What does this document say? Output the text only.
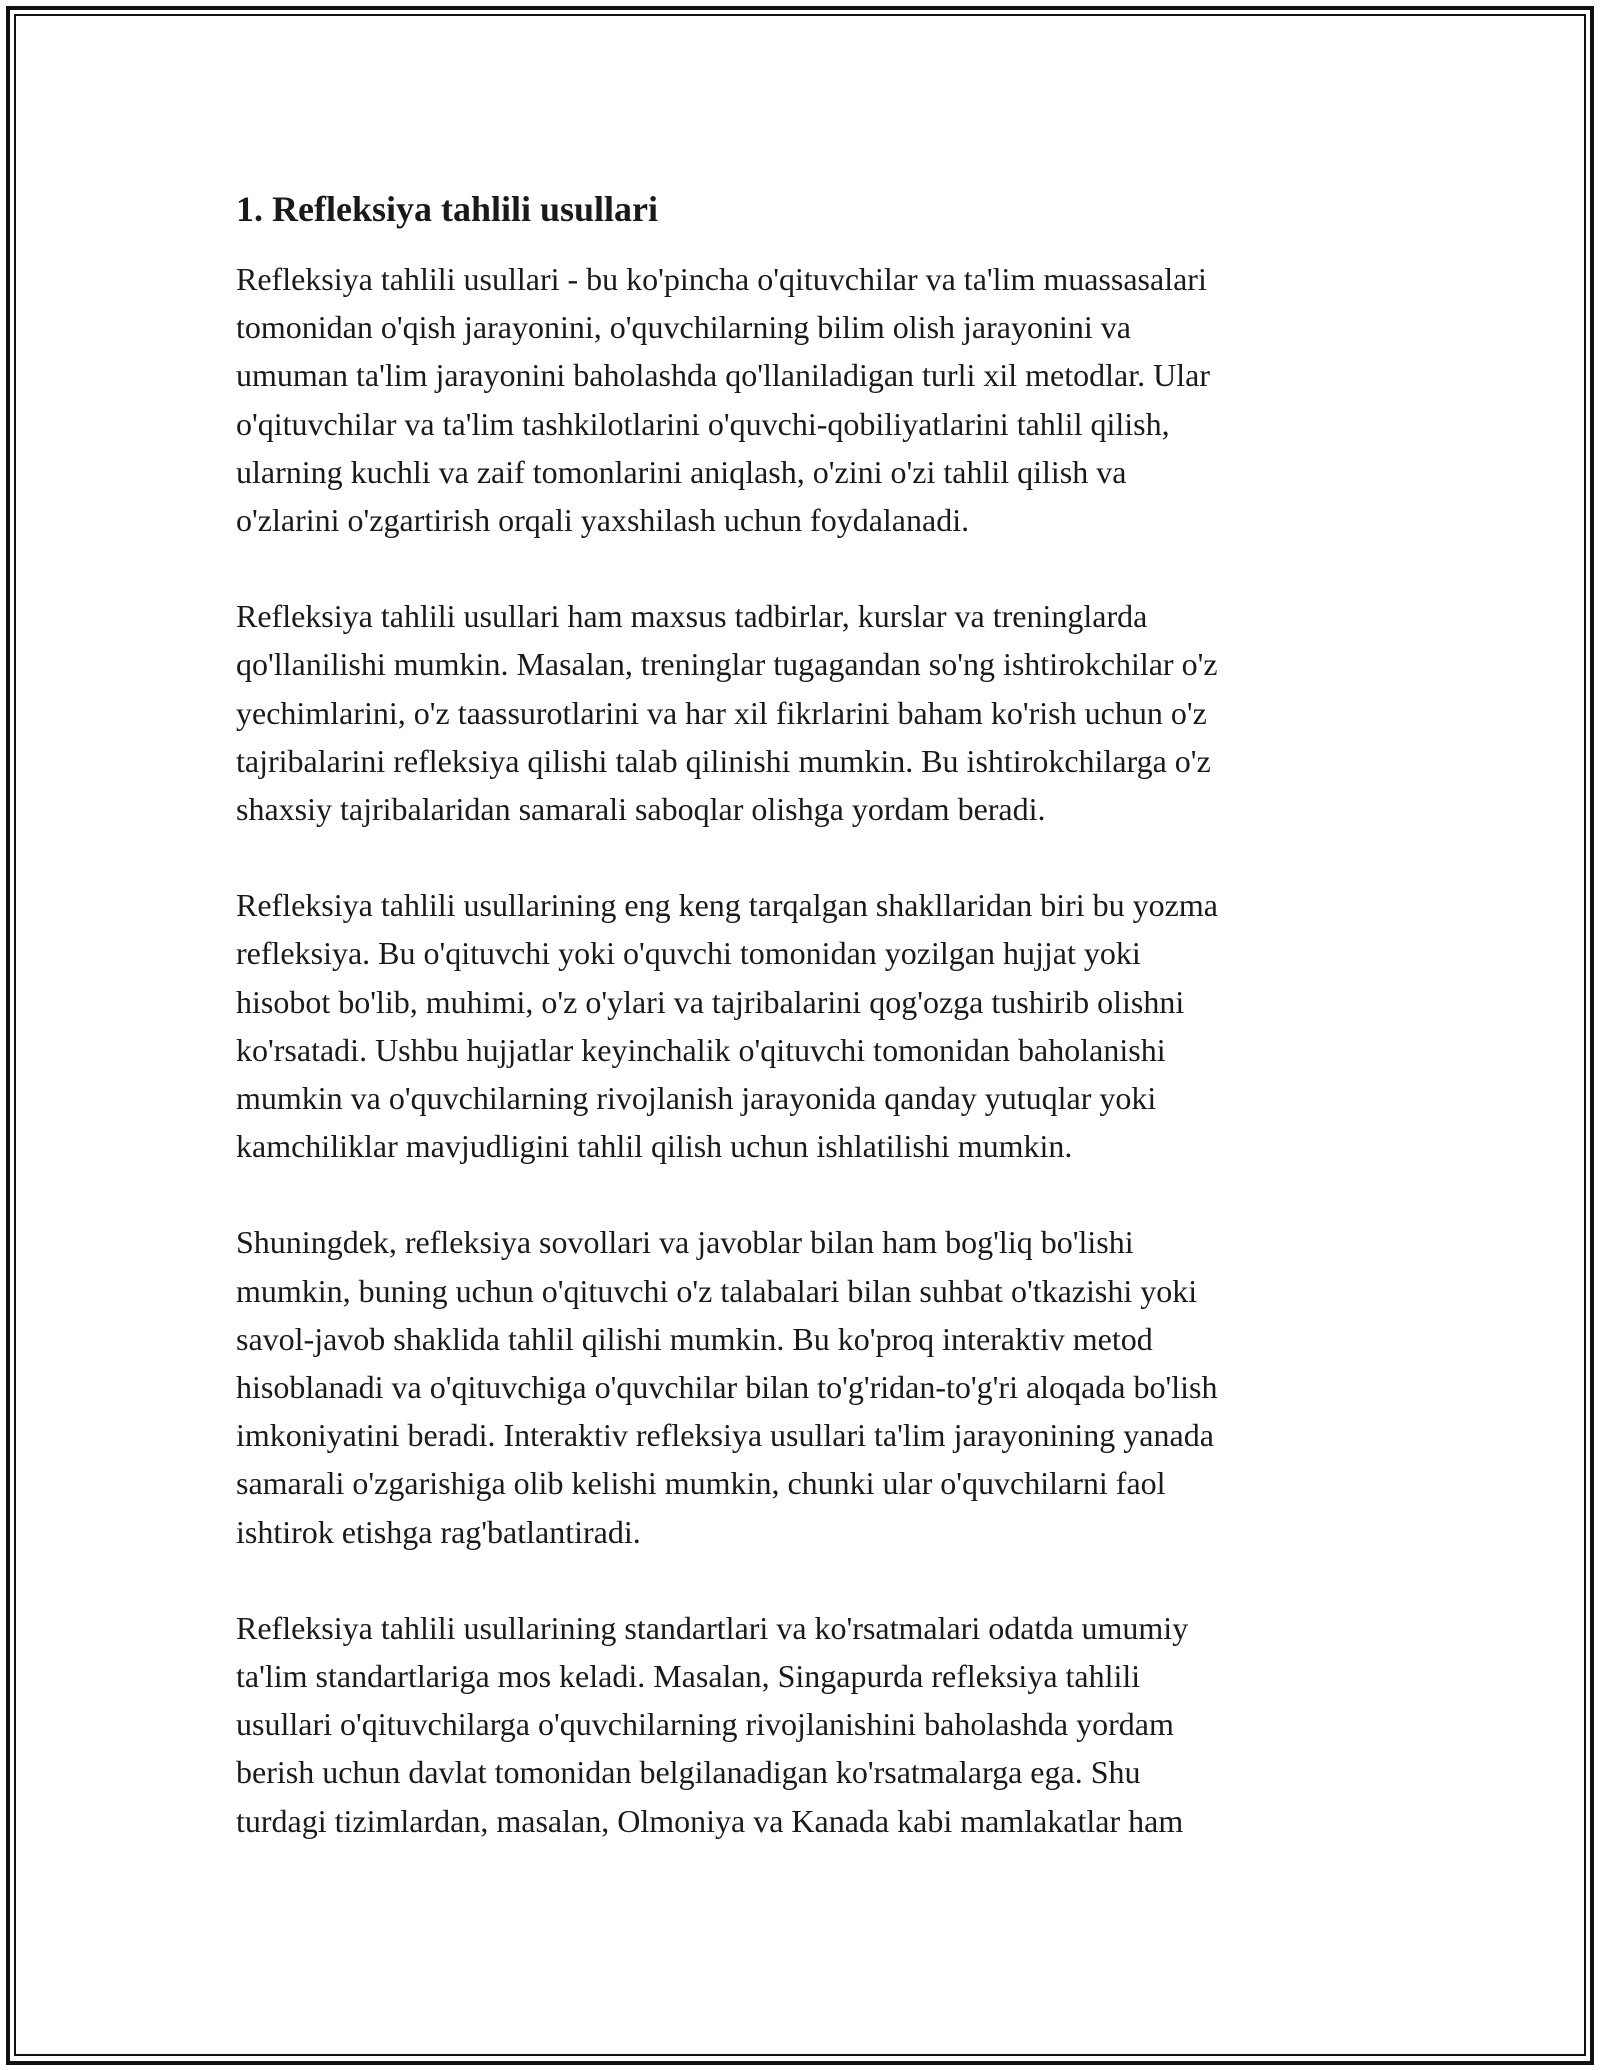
1. Refleksiya tahlili usullari

Refleksiya tahlili usullari - bu ko'pincha o'qituvchilar va ta'lim muassasalari
tomonidan o'qish jarayonini, o'quvchilarning bilim olish jarayonini va
umuman ta'lim jarayonini baholashda qo'llaniladigan turli xil metodlar. Ular
o'qituvchilar va ta'lim tashkilotlarini o'quvchi-qobiliyatlarini tahlil qilish,
ularning kuchli va zaif tomonlarini aniqlash, o'zini o'zi tahlil qilish va
o'zlarini o'zgartirish orqali yaxshilash uchun foydalanadi.

Refleksiya tahlili usullari ham maxsus tadbirlar, kurslar va treninglarda
qo'llanilishi mumkin. Masalan, treninglar tugagandan so'ng ishtirokchilar o'z
yechimlarini, o'z taassurotlarini va har xil fikrlarini baham ko'rish uchun o'z
tajribalarini refleksiya qilishi talab qilinishi mumkin. Bu ishtirokchilarga o'z
shaxsiy tajribalaridan samarali saboqlar olishga yordam beradi.

Refleksiya tahlili usullarining eng keng tarqalgan shakllaridan biri bu yozma
refleksiya. Bu o'qituvchi yoki o'quvchi tomonidan yozilgan hujjat yoki
hisobot bo'lib, muhimi, o'z o'ylari va tajribalarini qog'ozga tushirib olishni
ko'rsatadi. Ushbu hujjatlar keyinchalik o'qituvchi tomonidan baholanishi
mumkin va o'quvchilarning rivojlanish jarayonida qanday yutuqlar yoki
kamchiliklar mavjudligini tahlil qilish uchun ishlatilishi mumkin.

Shuningdek, refleksiya sovollari va javoblar bilan ham bog'liq bo'lishi
mumkin, buning uchun o'qituvchi o'z talabalari bilan suhbat o'tkazishi yoki
savol-javob shaklida tahlil qilishi mumkin. Bu ko'proq interaktiv metod
hisoblanadi va o'qituvchiga o'quvchilar bilan to'g'ridan-to'g'ri aloqada bo'lish
imkoniyatini beradi. Interaktiv refleksiya usullari ta'lim jarayonining yanada
samarali o'zgarishiga olib kelishi mumkin, chunki ular o'quvchilarni faol
ishtirok etishga rag'batlantiradi.

Refleksiya tahlili usullarining standartlari va ko'rsatmalari odatda umumiy
ta'lim standartlariga mos keladi. Masalan, Singapurda refleksiya tahlili
usullari o'qituvchilarga o'quvchilarning rivojlanishini baholashda yordam
berish uchun davlat tomonidan belgilanadigan ko'rsatmalarga ega. Shu
turdagi tizimlardan, masalan, Olmoniya va Kanada kabi mamlakatlar ham
